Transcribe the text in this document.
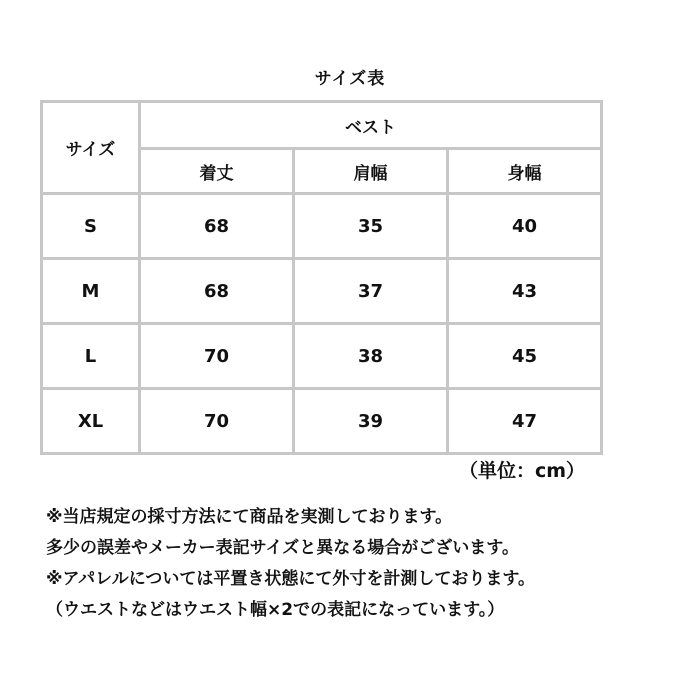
サイズ表
サイズ	ベスト		
	着丈	肩幅	身幅
S	68	35	40
M	68	37	43
L	70	38	45
XL	70	39	47
（単位：cm）
※当店規定の採寸方法にて商品を実測しております。
多少の誤差やメーカー表記サイズと異なる場合がございます。
※アパレルについては平置き状態にて外寸を計測しております。
（ウエストなどはウエスト幅×2での表記になっています。）
